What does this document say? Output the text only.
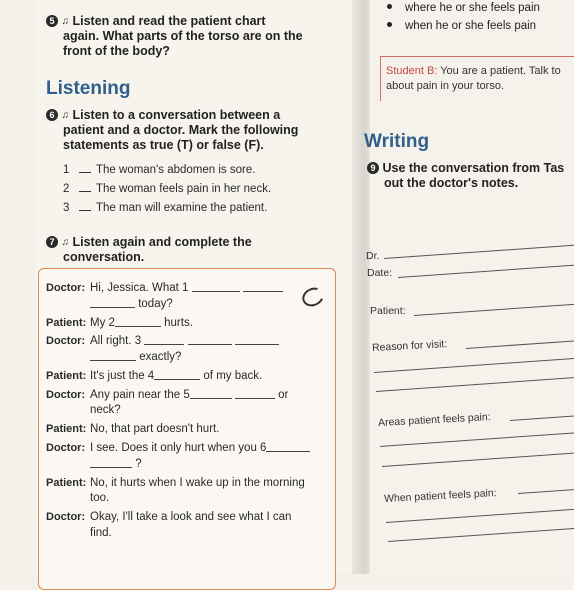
5 ♫ Listen and read the patient chart
again. What parts of the torso are on the
front of the body?
Listening
6 ♫ Listen to a conversation between a
patient and a doctor. Mark the following
statements as true (T) or false (F).
1 The woman's abdomen is sore.
2 The woman feels pain in her neck.
3 The man will examine the patient.
7 ♫ Listen again and complete the
conversation.
Doctor: Hi, Jessica. What 1
today?
Patient: My 2	hurts.
Doctor: All right. 3
exactly?
Patient: It's just the 4	of my back.
Doctor: Any pain near the 5	or
neck?
Patient: No, that part doesn't hurt.
Doctor: I see. Does it only hurt when you 6
?
Patient: No, it hurts when I wake up in the morning
too.
Doctor: Okay, I'll take a look and see what I can
find.
where he or she feels pain
when he or she feels pain
Student B: You are a patient. Talk to
about pain in your torso.
Writing
9 Use the conversation from Tas
out the doctor's notes.
Dr.
Date:
Patient:
Reason for visit:
Areas patient feels pain:
When patient feels pain:
